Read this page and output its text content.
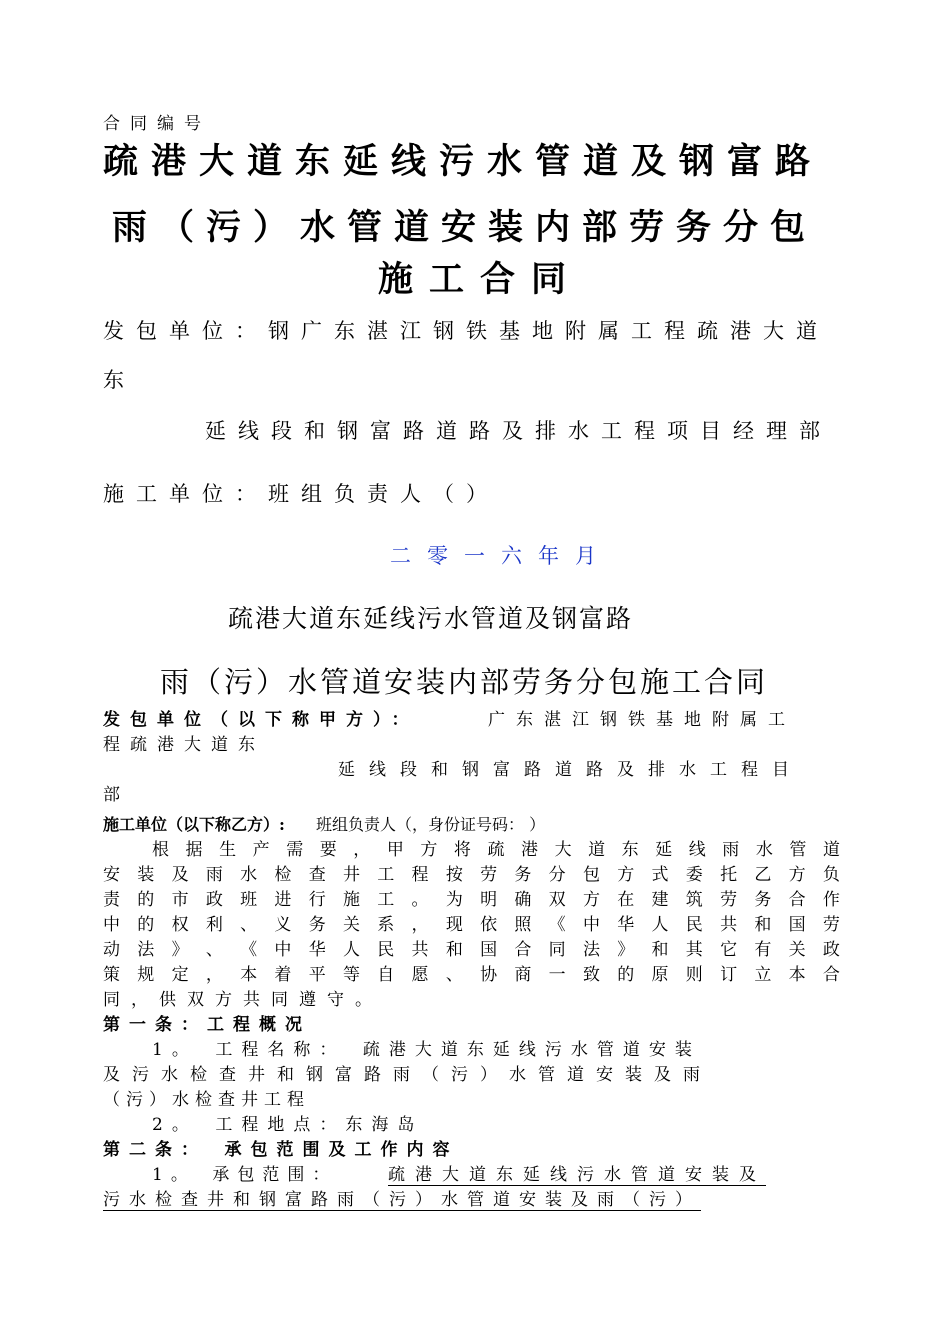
合同编号
疏港大道东延线污水管道及钢富路
雨（污）水管道安装内部劳务分包
施工合同
发包单位：钢广东湛江钢铁基地附属工程疏港大道
东
延线段和钢富路道路及排水工程项目经理部
施工单位：班组负责人（）
二零一六年月
疏港大道东延线污水管道及钢富路
雨（污）水管道安装内部劳务分包施工合同
发包单位（以下称甲方）：	广东湛江钢铁基地附属工
程疏港大道东
延线段和钢富路道路及排水工程目
部
施工单位（以下称乙方）: 班组负责人（，身份证号码： ）
根 据 生 产 需 要 ， 甲 方 将 疏 港 大 道 东 延 线 雨 水 管 道
安 装 及 雨 水 检 查 井 工 程 按 劳 务 分 包 方 式 委 托 乙 方 负
责 的 市 政 班 进 行 施 工 。 为 明 确 双 方 在 建 筑 劳 务 合 作
中 的 权 利 、 义 务 关 系 ， 现 依 照 《 中 华 人 民 共 和 国 劳
动 法 》 、 《 中 华 人 民 共 和 国 合 同 法 》 和 其 它 有 关 政
策 规 定 ， 本 着 平 等 自 愿 、 协 商 一 致 的 原 则 订 立 本 合
同，供双方共同遵守。
第一条：工程概况
1。　工程名称：　疏港大道东延线污水管道安装
及污水检查井和钢富路雨（污）水管道安装及雨
（污）水检查井工程
2。　工程地点：东海岛
第二条：　承包范围及工作内容
1。　承包范围：	疏港大道东延线污水管道安装及
污水检查井和钢富路雨（污）水管道安装及雨（污）
